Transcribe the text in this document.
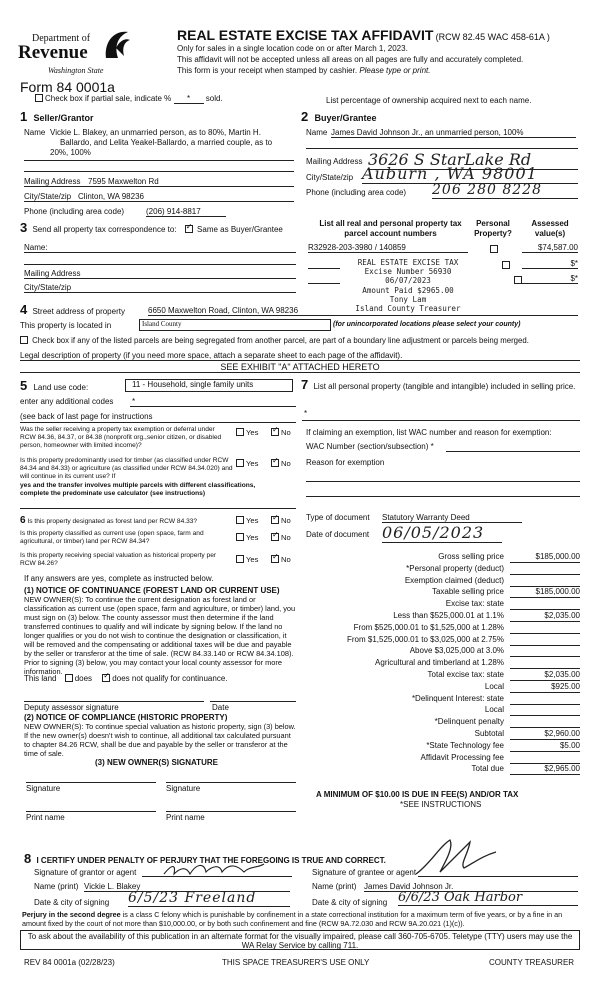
Department of
Revenue
Washington State
Form 84 0001a
REAL ESTATE EXCISE TAX AFFIDAVIT (RCW 82.45 WAC 458-61A )
Only for sales in a single location code on or after March 1, 2023.
This affidavit will not be accepted unless all areas on all pages are fully and accurately completed.
This form is your receipt when stamped by cashier. Please type or print.
Check box if partial sale, indicate % * sold.	List percentage of ownership acquired next to each name.
1 Seller/Grantor
Name Vickie L. Blakey, an unmarried person, as to 80%, Martin H.
Ballardo, and Lelita Yeakel-Ballardo, a married couple, as to
20%, 100%
Mailing Address 7595 Maxwelton Rd
City/State/zip Clinton, WA 98236
Phone (including area code)	(206) 914-8817
2 Buyer/Grantee
Name James David Johnson Jr., an unmarried person, 100%
Mailing Address 3626 S StarLake Rd
City/State/zip Auburn , WA 98001
Phone (including area code) 206 280 8228
3 Send all property tax correspondence to: ✓	Same as Buyer/Grantee
Name:
Mailing Address
City/State/zip
List all real and personal property tax parcel account numbers
Personal Property?
Assessed value(s)
R32928-203-3980 / 140859
	$74,587.00

$*
$*
REAL ESTATE EXCISE TAX
Excise Number 56930
06/07/2023
Amount Paid $2965.00
Tony Lam
Island County Treasurer
4 Street address of property	6650 Maxwelton Road, Clinton, WA 98236
This property is located in	Island County	(for unincorporated locations please select your county)
Check box if any of the listed parcels are being segregated from another parcel, are part of a boundary line adjustment or parcels being merged.
Legal description of property (if you need more space, attach a separate sheet to each page of the affidavit).
SEE EXHIBIT "A" ATTACHED HERETO
5 Land use code:	11 - Household, single family units
enter any additional codes *
(see back of last page for instructions
Was the seller receiving a property tax exemption or deferral under RCW 84.36, 84.37, or 84.38 (nonprofit org.,senior citizen, or disabled person, homeowner with limited income)?
Yes ✓	No
Is this property predominantly used for timber (as classified under RCW 84.34 and 84.33) or agriculture (as classified under RCW 84.34.020) and will continue in its current use? If
yes and the transfer involves multiple parcels with different classifications, complete the predominate use calculator (see instructions)
Yes ✓	No
6 Is this property designated as forest land per RCW 84.33?	Yes ✓	No
Is this property classified as current use (open space, farm and agricultural, or timber) land per RCW 84.34?	Yes ✓	No
Is this property receiving special valuation as historical property per RCW 84.26?	Yes ✓	No
If any answers are yes, complete as instructed below.
(1) NOTICE OF CONTINUANCE (FOREST LAND OR CURRENT USE)
NEW OWNER(S): To continue the current designation as forest land or classification as current use (open space, farm and agriculture, or timber) land, you must sign on (3) below. The county assessor must then determine if the land transferred continues to qualify and will indicate by signing below. If the land no longer qualifies or you do not wish to continue the designation or classification, it will be removed and the compensating or additional taxes will be due and payable by the seller or transferor at the time of sale. (RCW 84.33.140 or RCW 84.34.108). Prior to signing (3) below, you may contact your local county assessor for more information.
This land does ✓	does not qualify for continuance.
Deputy assessor signature	Date
(2) NOTICE OF COMPLIANCE (HISTORIC PROPERTY)
NEW OWNER(S): To continue special valuation as historic property, sign (3) below. If the new owner(s) doesn't wish to continue, all additional tax calculated pursuant to chapter 84.26 RCW, shall be due and payable by the seller or transferor at the time of sale.
(3) NEW OWNER(S) SIGNATURE
Signature	Signature
Print name	Print name
7 List all personal property (tangible and intangible) included in selling price.
*
If claiming an exemption, list WAC number and reason for exemption:
WAC Number (section/subsection) *
Reason for exemption
Type of document Statutory Warranty Deed
Date of document 06/05/2023
Gross selling price	$185,000.00
*Personal property (deduct)
Exemption claimed (deduct)
Taxable selling price	$185,000.00
Excise tax: state
Less than $525,000.01 at 1.1%	$2,035.00
From $525,000.01 to $1,525,000 at 1.28%
From $1,525,000.01 to $3,025,000 at 2.75%
Above $3,025,000 at 3.0%
Agricultural and timberland at 1.28%
Total excise tax: state	$2,035.00
Local	$925.00
*Delinquent Interest: state
Local
*Delinquent penalty
Subtotal	$2,960.00
*State Technology fee	$5.00
Affidavit Processing fee
Total due	$2,965.00
A MINIMUM OF $10.00 IS DUE IN FEE(S) AND/OR TAX
*SEE INSTRUCTIONS
8 I CERTIFY UNDER PENALTY OF PERJURY THAT THE FOREGOING IS TRUE AND CORRECT.
Signature of grantor or agent	Signature of grantee or agent
Name (print) Vickie L. Blakey	Name (print) James David Johnson Jr.
Date & city of signing 6/5/23 Freeland	Date & city of signing 6/6/23 Oak Harbor
Perjury in the second degree is a class C felony which is punishable by confinement in a state correctional institution for a maximum term of five years, or by a fine in an amount fixed by the court of not more than $10,000.00, or by both such confinement and fine (RCW 9A.72.030 and RCW 9A.20.021 (1)(c)).
To ask about the availability of this publication in an alternate format for the visually impaired, please call 360-705-6705. Teletype (TTY) users may use the WA Relay Service by calling 711.
REV 84 0001a (02/28/23)	THIS SPACE TREASURER'S USE ONLY	COUNTY TREASURER
